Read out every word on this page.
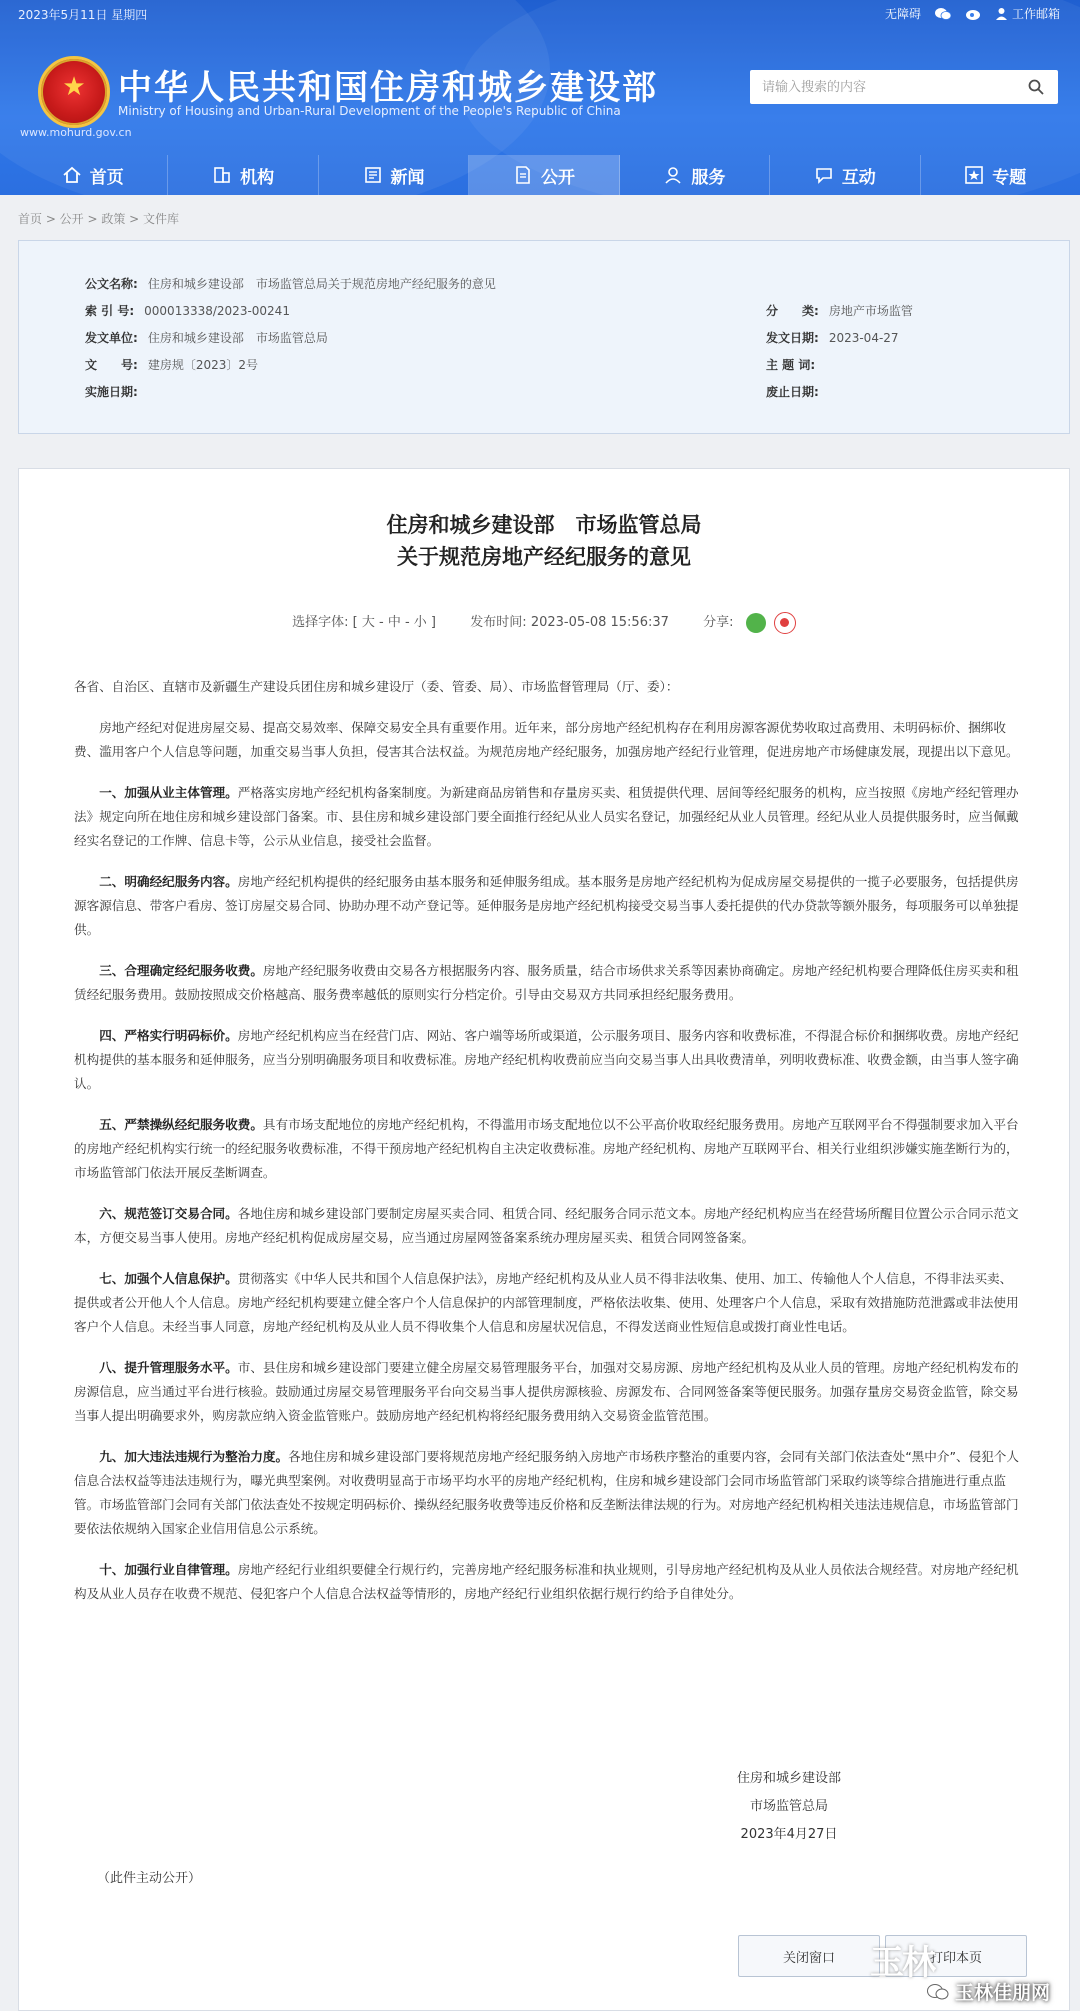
2023年5月11日 星期四	无障碍	工作邮箱
★ 中华人民共和国住房和城乡建设部
Ministry of Housing and Urban-Rural Development of the People's Republic of China
www.mohurd.gov.cn
请输入搜索的内容
首页	机构	新闻	公开	服务	互动	专题
首页 > 公开 > 政策 > 文件库
公文名称: 住房和城乡建设部　市场监管总局关于规范房地产经纪服务的意见
索 引 号: 000013338/2023-00241	分　　类: 房地产市场监管
发文单位: 住房和城乡建设部　市场监管总局	发文日期: 2023-04-27
文　　号: 建房规〔2023〕2号	主 题 词:
实施日期:	废止日期:
住房和城乡建设部　市场监管总局
关于规范房地产经纪服务的意见
选择字体: [ 大 - 中 - 小 ]	发布时间: 2023-05-08 15:56:37	分享:

各省、自治区、直辖市及新疆生产建设兵团住房和城乡建设厅（委、管委、局）、市场监督管理局（厅、委）：

房地产经纪对促进房屋交易、提高交易效率、保障交易安全具有重要作用。近年来，部分房地产经纪机构存在利用房源客源优势收取过高费用、未明码标价、捆绑收费、滥用客户个人信息等问题，加重交易当事人负担，侵害其合法权益。为规范房地产经纪服务，加强房地产经纪行业管理，促进房地产市场健康发展，现提出以下意见。

一、加强从业主体管理。严格落实房地产经纪机构备案制度。为新建商品房销售和存量房买卖、租赁提供代理、居间等经纪服务的机构，应当按照《房地产经纪管理办法》规定向所在地住房和城乡建设部门备案。市、县住房和城乡建设部门要全面推行经纪从业人员实名登记，加强经纪从业人员管理。经纪从业人员提供服务时，应当佩戴经实名登记的工作牌、信息卡等，公示从业信息，接受社会监督。

二、明确经纪服务内容。房地产经纪机构提供的经纪服务由基本服务和延伸服务组成。基本服务是房地产经纪机构为促成房屋交易提供的一揽子必要服务，包括提供房源客源信息、带客户看房、签订房屋交易合同、协助办理不动产登记等。延伸服务是房地产经纪机构接受交易当事人委托提供的代办贷款等额外服务，每项服务可以单独提供。

三、合理确定经纪服务收费。房地产经纪服务收费由交易各方根据服务内容、服务质量，结合市场供求关系等因素协商确定。房地产经纪机构要合理降低住房买卖和租赁经纪服务费用。鼓励按照成交价格越高、服务费率越低的原则实行分档定价。引导由交易双方共同承担经纪服务费用。

四、严格实行明码标价。房地产经纪机构应当在经营门店、网站、客户端等场所或渠道，公示服务项目、服务内容和收费标准，不得混合标价和捆绑收费。房地产经纪机构提供的基本服务和延伸服务，应当分别明确服务项目和收费标准。房地产经纪机构收费前应当向交易当事人出具收费清单，列明收费标准、收费金额，由当事人签字确认。

五、严禁操纵经纪服务收费。具有市场支配地位的房地产经纪机构，不得滥用市场支配地位以不公平高价收取经纪服务费用。房地产互联网平台不得强制要求加入平台的房地产经纪机构实行统一的经纪服务收费标准，不得干预房地产经纪机构自主决定收费标准。房地产经纪机构、房地产互联网平台、相关行业组织涉嫌实施垄断行为的，市场监管部门依法开展反垄断调查。

六、规范签订交易合同。各地住房和城乡建设部门要制定房屋买卖合同、租赁合同、经纪服务合同示范文本。房地产经纪机构应当在经营场所醒目位置公示合同示范文本，方便交易当事人使用。房地产经纪机构促成房屋交易，应当通过房屋网签备案系统办理房屋买卖、租赁合同网签备案。

七、加强个人信息保护。贯彻落实《中华人民共和国个人信息保护法》，房地产经纪机构及从业人员不得非法收集、使用、加工、传输他人个人信息，不得非法买卖、提供或者公开他人个人信息。房地产经纪机构要建立健全客户个人信息保护的内部管理制度，严格依法收集、使用、处理客户个人信息，采取有效措施防范泄露或非法使用客户个人信息。未经当事人同意，房地产经纪机构及从业人员不得收集个人信息和房屋状况信息，不得发送商业性短信息或拨打商业性电话。

八、提升管理服务水平。市、县住房和城乡建设部门要建立健全房屋交易管理服务平台，加强对交易房源、房地产经纪机构及从业人员的管理。房地产经纪机构发布的房源信息，应当通过平台进行核验。鼓励通过房屋交易管理服务平台向交易当事人提供房源核验、房源发布、合同网签备案等便民服务。加强存量房交易资金监管，除交易当事人提出明确要求外，购房款应纳入资金监管账户。鼓励房地产经纪机构将经纪服务费用纳入交易资金监管范围。

九、加大违法违规行为整治力度。各地住房和城乡建设部门要将规范房地产经纪服务纳入房地产市场秩序整治的重要内容，会同有关部门依法查处“黑中介”、侵犯个人信息合法权益等违法违规行为，曝光典型案例。对收费明显高于市场平均水平的房地产经纪机构，住房和城乡建设部门会同市场监管部门采取约谈等综合措施进行重点监管。市场监管部门会同有关部门依法查处不按规定明码标价、操纵经纪服务收费等违反价格和反垄断法律法规的行为。对房地产经纪机构相关违法违规信息，市场监管部门要依法依规纳入国家企业信用信息公示系统。

十、加强行业自律管理。房地产经纪行业组织要健全行规行约，完善房地产经纪服务标准和执业规则，引导房地产经纪机构及从业人员依法合规经营。对房地产经纪机构及从业人员存在收费不规范、侵犯客户个人信息合法权益等情形的，房地产经纪行业组织依据行规行约给予自律处分。

住房和城乡建设部
市场监管总局
2023年4月27日
（此件主动公开）
关闭窗口	打印本页
玉林
玉林佳朋网
